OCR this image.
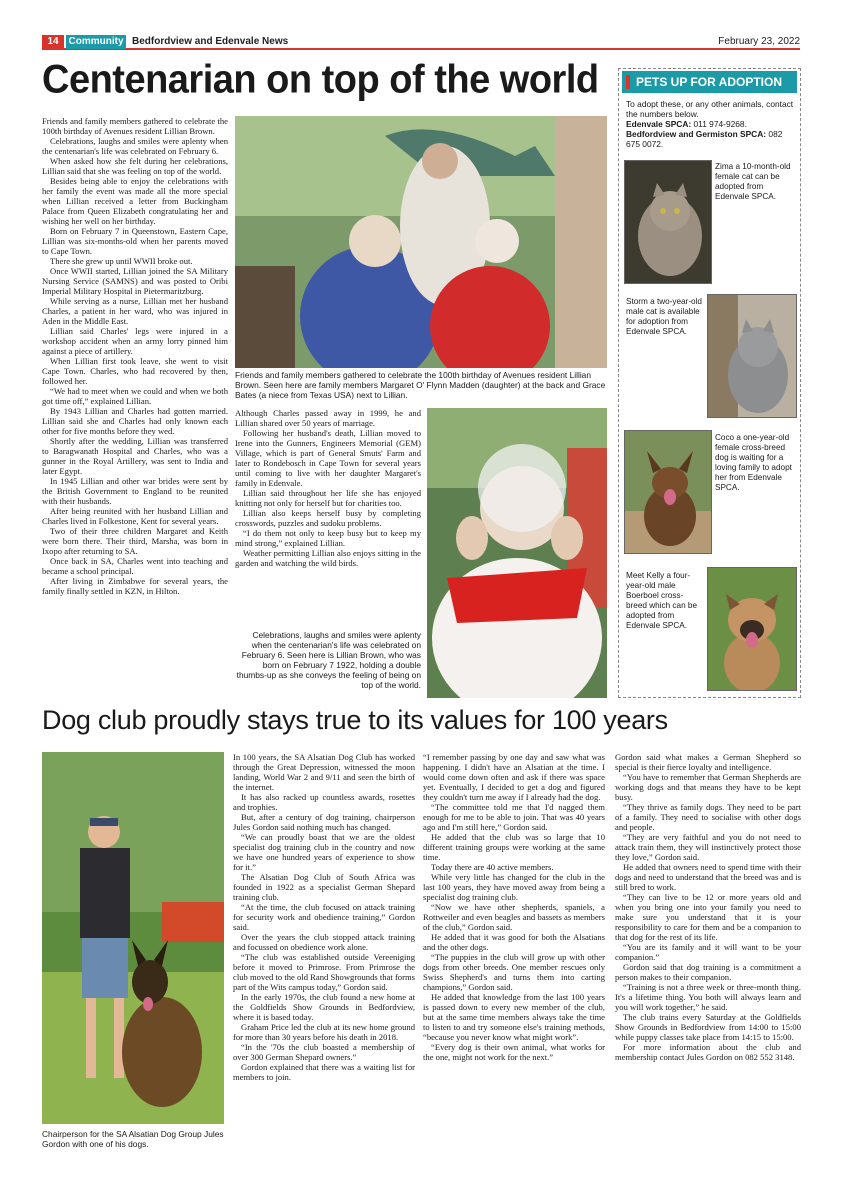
14 Community Bedfordview and Edenvale News	February 23, 2022
Centenarian on top of the world

Friends and family members gathered to celebrate the 100th birthday of Avenues resident Lillian Brown.

Celebrations, laughs and smiles were aplenty when the centenarian's life was celebrated on February 6.

When asked how she felt during her celebrations, Lillian said that she was feeling on top of the world.

Besides being able to enjoy the celebrations with her family the event was made all the more special when Lillian received a letter from Buckingham Palace from Queen Elizabeth congratulating her and wishing her well on her birthday.

Born on February 7 in Queenstown, Eastern Cape, Lillian was six-months-old when her parents moved to Cape Town.

There she grew up until WWII broke out.

Once WWII started, Lillian joined the SA Military Nursing Service (SAMNS) and was posted to Oribi Imperial Military Hospital in Pietermaritzburg.

While serving as a nurse, Lillian met her husband Charles, a patient in her ward, who was injured in Aden in the Middle East.

Lillian said Charles' legs were injured in a workshop accident when an army lorry pinned him against a piece of artillery.

When Lillian first took leave, she went to visit Cape Town. Charles, who had recovered by then, followed her.

“We had to meet when we could and when we both got time off,” explained Lillian.

By 1943 Lillian and Charles had gotten married. Lillian said she and Charles had only known each other for five months before they wed.

Shortly after the wedding, Lillian was transferred to Baragwanath Hospital and Charles, who was a gunner in the Royal Artillery, was sent to India and later Egypt.

In 1945 Lillian and other war brides were sent by the British Government to England to be reunited with their husbands.

After being reunited with her husband Lillian and Charles lived in Folkestone, Kent for several years.

Two of their three children Margaret and Keith were born there. Their third, Marsha, was born in Ixopo after returning to SA.

Once back in SA, Charles went into teaching and became a school principal.

After living in Zimbabwe for several years, the family finally settled in KZN, in Hilton.

Friends and family members gathered to celebrate the 100th birthday of Avenues resident Lillian Brown. Seen here are family members Margaret O' Flynn Madden (daughter) at the back and Grace Bates (a niece from Texas USA) next to Lillian.

Although Charles passed away in 1999, he and Lillian shared over 50 years of marriage.

Following her husband's death, Lillian moved to Irene into the Gunners, Engineers Memorial (GEM) Village, which is part of General Smuts' Farm and later to Rondebosch in Cape Town for several years until coming to live with her daughter Margaret's family in Edenvale.

Lillian said throughout her life she has enjoyed knitting not only for herself but for charities too.

Lillian also keeps herself busy by completing crosswords, puzzles and sudoku problems.

“I do them not only to keep busy but to keep my mind strong,” explained Lillian.

Weather permitting Lillian also enjoys sitting in the garden and watching the wild birds.

Celebrations, laughs and smiles were aplenty when the centenarian's life was celebrated on February 6. Seen here is Lillian Brown, who was born on February 7 1922, holding a double thumbs-up as she conveys the feeling of being on top of the world.
PETS UP FOR ADOPTION
To adopt these, or any other animals, contact the numbers below.
Edenvale SPCA: 011 974-9268.
Bedfordview and Germiston SPCA: 082 675 0072.
Zima a 10-month-old female cat can be adopted from Edenvale SPCA.
Storm a two-year-old male cat is available for adoption from Edenvale SPCA.
Coco a one-year-old female cross-breed dog is waiting for a loving family to adopt her from Edenvale SPCA.
Meet Kelly a four-year-old male Boerboel cross-breed which can be adopted from Edenvale SPCA.
Dog club proudly stays true to its values for 100 years
Chairperson for the SA Alsatian Dog Group Jules Gordon with one of his dogs.

In 100 years, the SA Alsatian Dog Club has worked through the Great Depression, witnessed the moon landing, World War 2 and 9/11 and seen the birth of the internet.

It has also racked up countless awards, rosettes and trophies.

But, after a century of dog training, chairperson Jules Gordon said nothing much has changed.

“We can proudly boast that we are the oldest specialist dog training club in the country and now we have one hundred years of experience to show for it.”

The Alsatian Dog Club of South Africa was founded in 1922 as a specialist German Shepard training club.

“At the time, the club focused on attack training for security work and obedience training,” Gordon said.

Over the years the club stopped attack training and focussed on obedience work alone.

“The club was established outside Vereeniging before it moved to Primrose. From Primrose the club moved to the old Rand Showgrounds that forms part of the Wits campus today,” Gordon said.

In the early 1970s, the club found a new home at the Goldfields Show Grounds in Bedfordview, where it is based today.

Graham Price led the club at its new home ground for more than 30 years before his death in 2018.

“In the '70s the club boasted a membership of over 300 German Shepard owners.”

Gordon explained that there was a waiting list for members to join.

“I remember passing by one day and saw what was happening. I didn't have an Alsatian at the time. I would come down often and ask if there was space yet. Eventually, I decided to get a dog and figured they couldn't turn me away if I already had the dog.

“The committee told me that I'd nagged them enough for me to be able to join. That was 40 years ago and I'm still here,” Gordon said.

He added that the club was so large that 10 different training groups were working at the same time.

Today there are 40 active members.

While very little has changed for the club in the last 100 years, they have moved away from being a specialist dog training club.

“Now we have other shepherds, spaniels, a Rottweiler and even beagles and bassets as members of the club,” Gordon said.

He added that it was good for both the Alsatians and the other dogs.

“The puppies in the club will grow up with other dogs from other breeds. One member rescues only Swiss Shepherd's and turns them into carting champions,” Gordon said.

He added that knowledge from the last 100 years is passed down to every new member of the club, but at the same time members always take the time to listen to and try someone else's training methods, “because you never know what might work”.

“Every dog is their own animal, what works for the one, might not work for the next.”

Gordon said what makes a German Shepherd so special is their fierce loyalty and intelligence.

“You have to remember that German Shepherds are working dogs and that means they have to be kept busy.

“They thrive as family dogs. They need to be part of a family. They need to socialise with other dogs and people.

“They are very faithful and you do not need to attack train them, they will instinctively protect those they love,” Gordon said.

He added that owners need to spend time with their dogs and need to understand that the breed was and is still bred to work.

“They can live to be 12 or more years old and when you bring one into your family you need to make sure you understand that it is your responsibility to care for them and be a companion to that dog for the rest of its life.

“You are its family and it will want to be your companion.”

Gordon said that dog training is a commitment a person makes to their companion.

“Training is not a three week or three-month thing. It's a lifetime thing. You both will always learn and you will work together,” he said.

The club trains every Saturday at the Goldfields Show Grounds in Bedfordview from 14:00 to 15:00 while puppy classes take place from 14:15 to 15:00.

For more information about the club and membership contact Jules Gordon on 082 552 3148.
